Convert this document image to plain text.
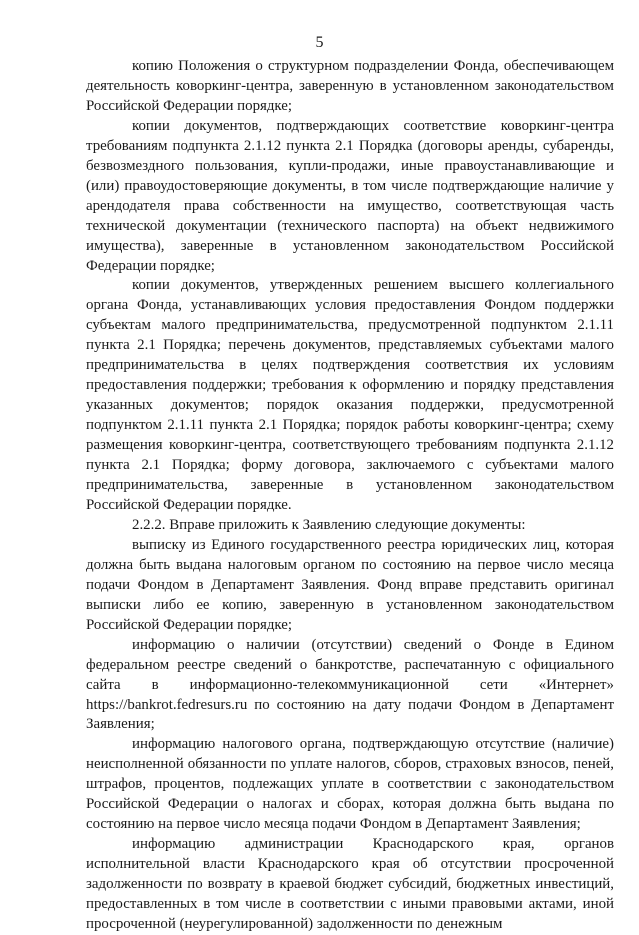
5

копию Положения о структурном подразделении Фонда, обеспечивающем деятельность коворкинг-центра, заверенную в установленном законодательством Российской Федерации порядке;

копии документов, подтверждающих соответствие коворкинг-центра требованиям подпункта 2.1.12 пункта 2.1 Порядка (договоры аренды, субаренды, безвозмездного пользования, купли-продажи, иные правоустанавливающие и (или) правоудостоверяющие документы, в том числе подтверждающие наличие у арендодателя права собственности на имущество, соответствующая часть технической документации (технического паспорта) на объект недвижимого имущества), заверенные в установленном законодательством Российской Федерации порядке;

копии документов, утвержденных решением высшего коллегиального органа Фонда, устанавливающих условия предоставления Фондом поддержки субъектам малого предпринимательства, предусмотренной подпунктом 2.1.11 пункта 2.1 Порядка; перечень документов, представляемых субъектами малого предпринимательства в целях подтверждения соответствия их условиям предоставления поддержки; требования к оформлению и порядку представления указанных документов; порядок оказания поддержки, предусмотренной подпунктом 2.1.11 пункта 2.1 Порядка; порядок работы коворкинг-центра; схему размещения коворкинг-центра, соответствующего требованиям подпункта 2.1.12 пункта 2.1 Порядка; форму договора, заключаемого с субъектами малого предпринимательства, заверенные в установленном законодательством Российской Федерации порядке.

2.2.2. Вправе приложить к Заявлению следующие документы:

выписку из Единого государственного реестра юридических лиц, которая должна быть выдана налоговым органом по состоянию на первое число месяца подачи Фондом в Департамент Заявления. Фонд вправе представить оригинал выписки либо ее копию, заверенную в установленном законодательством Российской Федерации порядке;

информацию о наличии (отсутствии) сведений о Фонде в Едином федеральном реестре сведений о банкротстве, распечатанную с официального сайта в информационно-телекоммуникационной сети «Интернет» https://bankrot.fedresurs.ru по состоянию на дату подачи Фондом в Департамент Заявления;

информацию налогового органа, подтверждающую отсутствие (наличие) неисполненной обязанности по уплате налогов, сборов, страховых взносов, пеней, штрафов, процентов, подлежащих уплате в соответствии с законодательством Российской Федерации о налогах и сборах, которая должна быть выдана по состоянию на первое число месяца подачи Фондом в Департамент Заявления;

информацию администрации Краснодарского края, органов исполнительной власти Краснодарского края об отсутствии просроченной задолженности по возврату в краевой бюджет субсидий, бюджетных инвестиций, предоставленных в том числе в соответствии с иными правовыми актами, иной просроченной (неурегулированной) задолженности по денежным
